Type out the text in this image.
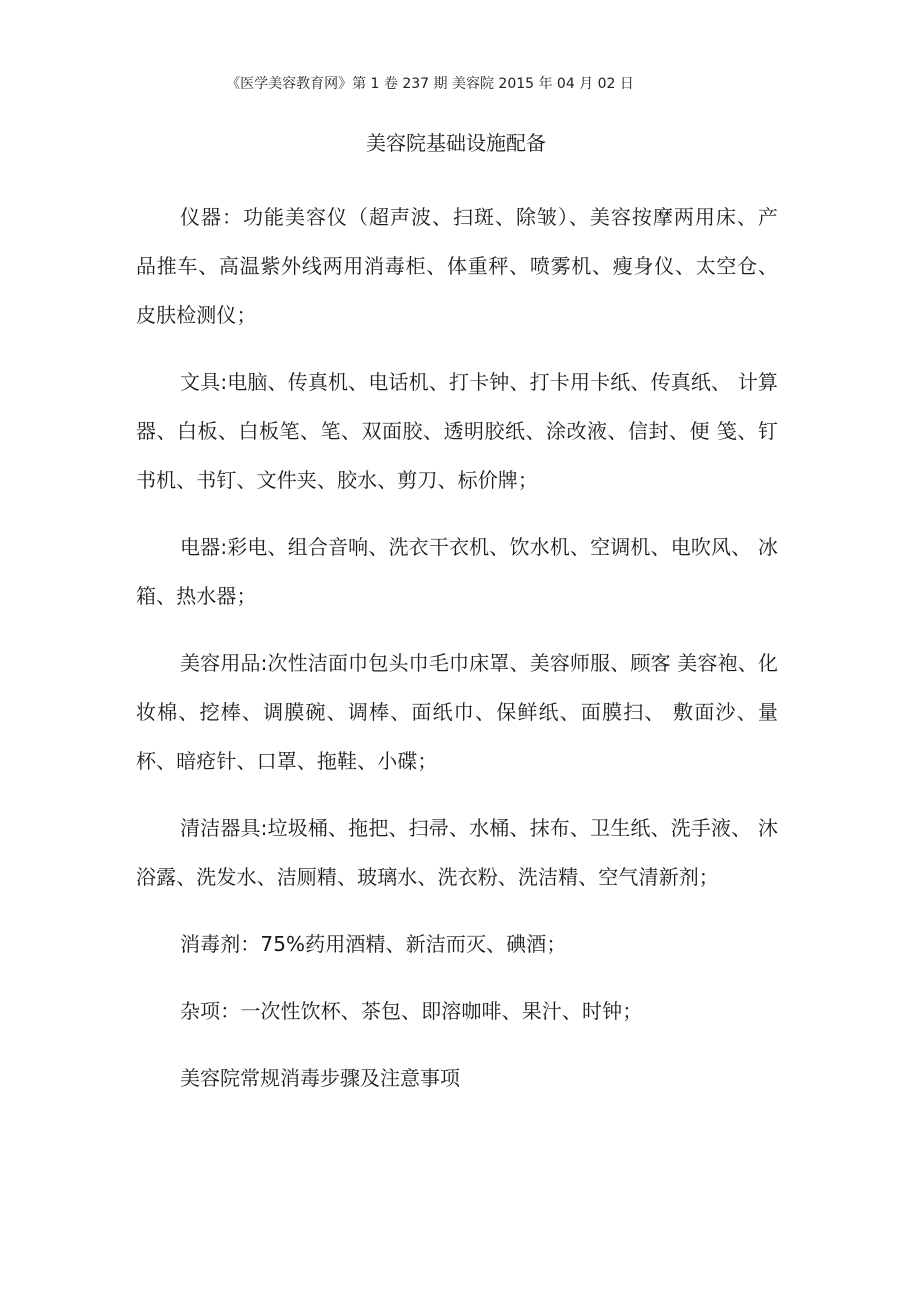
《医学美容教育网》第 1 卷 237 期 美容院 2015 年 04 月 02 日
美容院基础设施配备

仪器：功能美容仪（超声波、扫斑、除皱）、美容按摩两用床、产 品推车、高温紫外线两用消毒柜、体重秤、喷雾机、瘦身仪、太空仓、 皮肤检测仪；

文具:电脑、传真机、电话机、打卡钟、打卡用卡纸、传真纸、 计算器、白板、白板笔、笔、双面胶、透明胶纸、涂改液、信封、便 笺、钉书机、书钉、文件夹、胶水、剪刀、标价牌；

电器:彩电、组合音响、洗衣干衣机、饮水机、空调机、电吹风、 冰箱、热水器；

美容用品:次性洁面巾包头巾毛巾床罩、美容师服、顾客 美容袍、化妆棉、挖棒、调膜碗、调棒、面纸巾、保鲜纸、面膜扫、 敷面沙、量杯、暗疮针、口罩、拖鞋、小碟；

清洁器具:垃圾桶、拖把、扫帚、水桶、抹布、卫生纸、洗手液、 沐浴露、洗发水、洁厕精、玻璃水、洗衣粉、洗洁精、空气清新剂；

消毒剂：75%药用酒精、新洁而灭、碘酒；

杂项：一次性饮杯、茶包、即溶咖啡、果汁、时钟；

美容院常规消毒步骤及注意事项
